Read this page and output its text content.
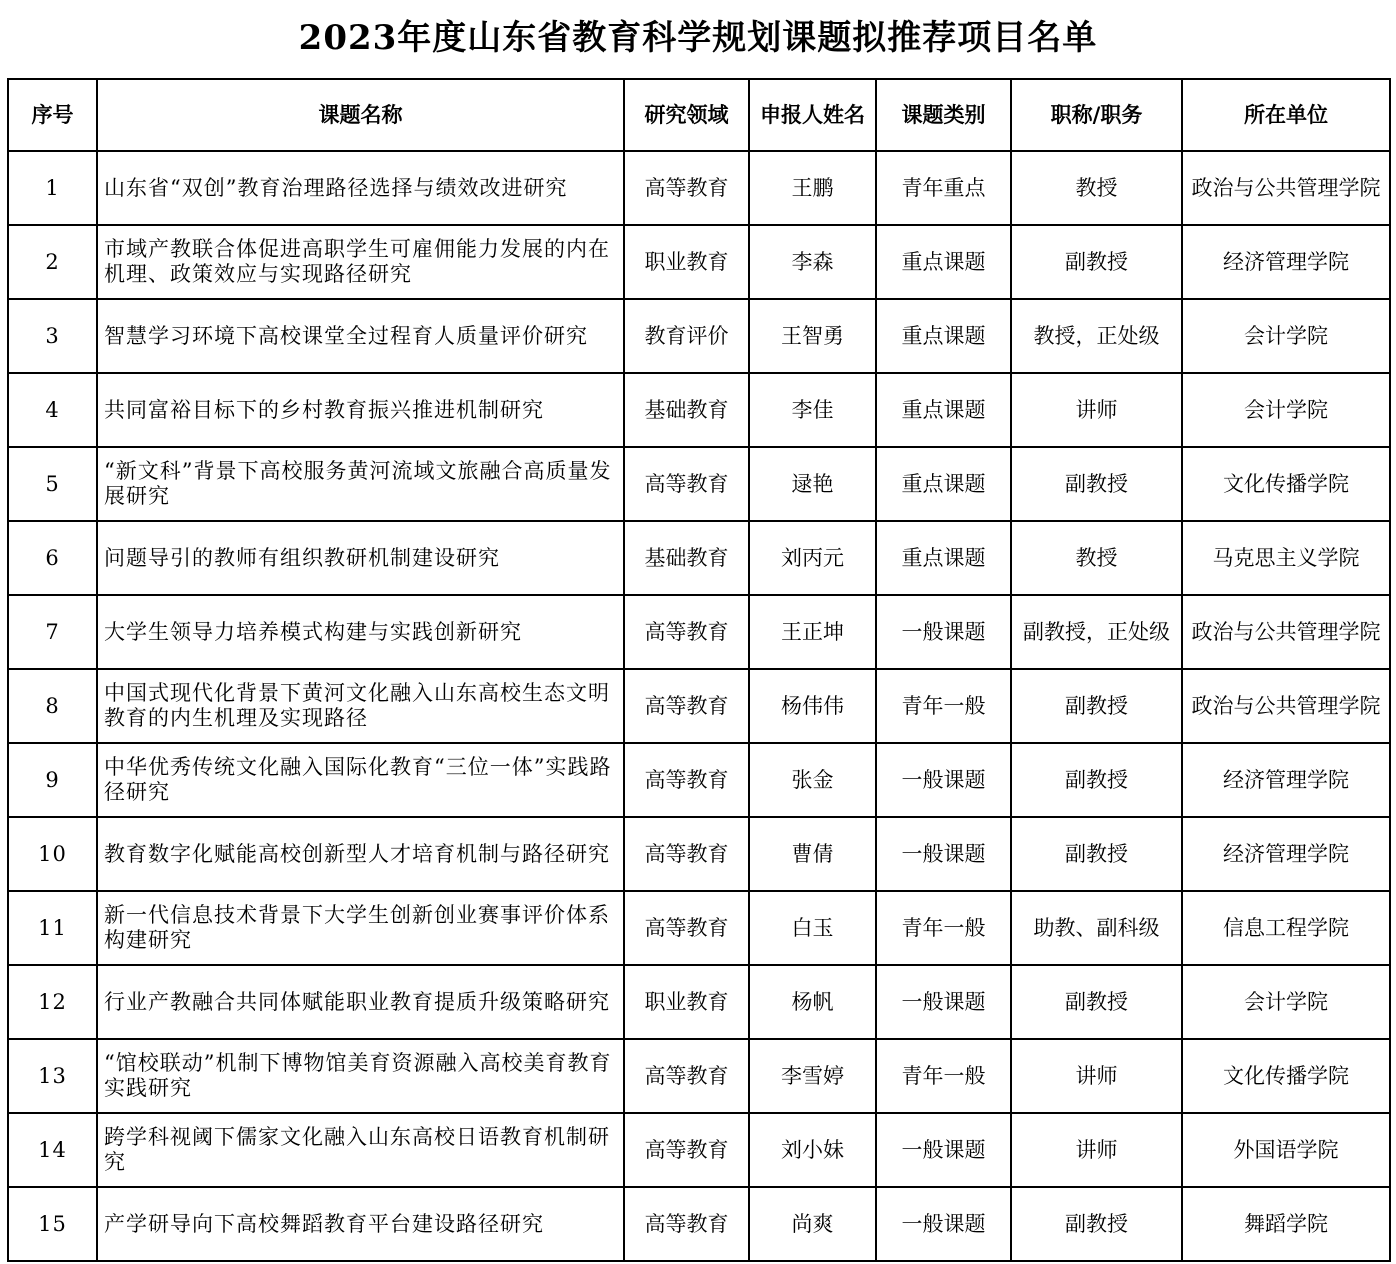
2023年度山东省教育科学规划课题拟推荐项目名单
序号	课题名称	研究领域	申报人姓名	课题类别	职称/职务	所在单位
1	山东省“双创”教育治理路径选择与绩效改进研究	高等教育	王鹏	青年重点	教授	政治与公共管理学院
2	市域产教联合体促进高职学生可雇佣能力发展的内在机理、政策效应与实现路径研究	职业教育	李森	重点课题	副教授	经济管理学院
3	智慧学习环境下高校课堂全过程育人质量评价研究	教育评价	王智勇	重点课题	教授，正处级	会计学院
4	共同富裕目标下的乡村教育振兴推进机制研究	基础教育	李佳	重点课题	讲师	会计学院
5	“新文科”背景下高校服务黄河流域文旅融合高质量发展研究	高等教育	逯艳	重点课题	副教授	文化传播学院
6	问题导引的教师有组织教研机制建设研究	基础教育	刘丙元	重点课题	教授	马克思主义学院
7	大学生领导力培养模式构建与实践创新研究	高等教育	王正坤	一般课题	副教授，正处级	政治与公共管理学院
8	中国式现代化背景下黄河文化融入山东高校生态文明教育的内生机理及实现路径	高等教育	杨伟伟	青年一般	副教授	政治与公共管理学院
9	中华优秀传统文化融入国际化教育“三位一体”实践路径研究	高等教育	张金	一般课题	副教授	经济管理学院
10	教育数字化赋能高校创新型人才培育机制与路径研究	高等教育	曹倩	一般课题	副教授	经济管理学院
11	新一代信息技术背景下大学生创新创业赛事评价体系构建研究	高等教育	白玉	青年一般	助教、副科级	信息工程学院
12	行业产教融合共同体赋能职业教育提质升级策略研究	职业教育	杨帆	一般课题	副教授	会计学院
13	“馆校联动”机制下博物馆美育资源融入高校美育教育实践研究	高等教育	李雪婷	青年一般	讲师	文化传播学院
14	跨学科视阈下儒家文化融入山东高校日语教育机制研究	高等教育	刘小妹	一般课题	讲师	外国语学院
15	产学研导向下高校舞蹈教育平台建设路径研究	高等教育	尚爽	一般课题	副教授	舞蹈学院
